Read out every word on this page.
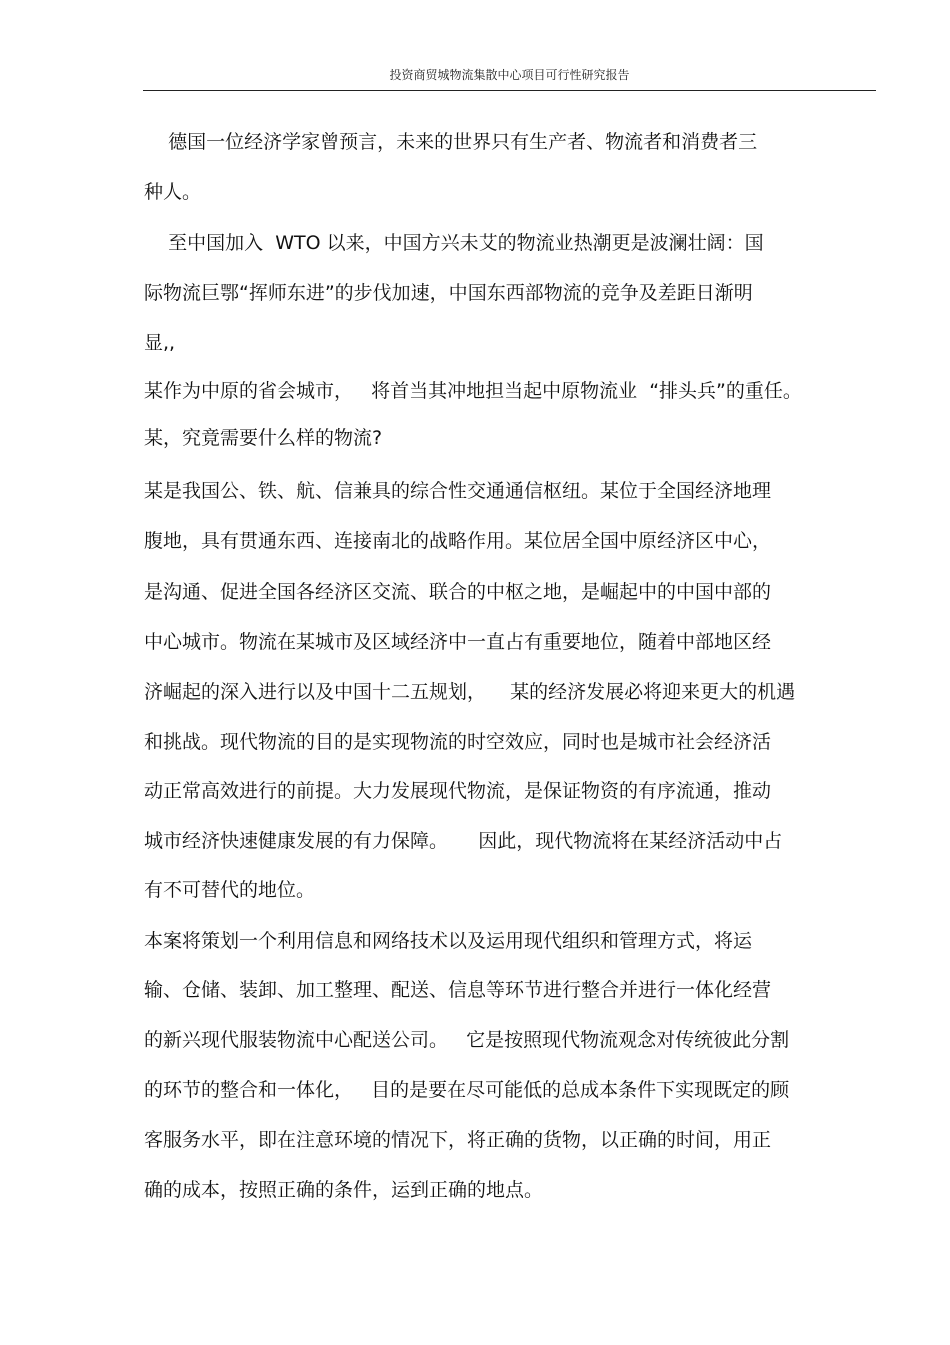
投资商贸城物流集散中心项目可行性研究报告
德国一位经济学家曾预言，未来的世界只有生产者、物流者和消费者三
种人。
至中国加入  WTO 以来，中国方兴未艾的物流业热潮更是波澜壮阔：国
际物流巨鄂“挥师东进”的步伐加速，中国东西部物流的竞争及差距日渐明
显,,
某作为中原的省会城市，   将首当其冲地担当起中原物流业  “排头兵”的重任。
某，究竟需要什么样的物流?
某是我国公、铁、航、信兼具的综合性交通通信枢纽。某位于全国经济地理
腹地，具有贯通东西、连接南北的战略作用。某位居全国中原经济区中心，
是沟通、促进全国各经济区交流、联合的中枢之地，是崛起中的中国中部的
中心城市。物流在某城市及区域经济中一直占有重要地位，随着中部地区经
济崛起的深入进行以及中国十二五规划，    某的经济发展必将迎来更大的机遇
和挑战。现代物流的目的是实现物流的时空效应，同时也是城市社会经济活
动正常高效进行的前提。大力发展现代物流，是保证物资的有序流通，推动
城市经济快速健康发展的有力保障。     因此，现代物流将在某经济活动中占
有不可替代的地位。
本案将策划一个利用信息和网络技术以及运用现代组织和管理方式，将运
输、仓储、装卸、加工整理、配送、信息等环节进行整合并进行一体化经营
的新兴现代服装物流中心配送公司。   它是按照现代物流观念对传统彼此分割
的环节的整合和一体化，   目的是要在尽可能低的总成本条件下实现既定的顾
客服务水平，即在注意环境的情况下，将正确的货物，以正确的时间，用正
确的成本，按照正确的条件，运到正确的地点。
